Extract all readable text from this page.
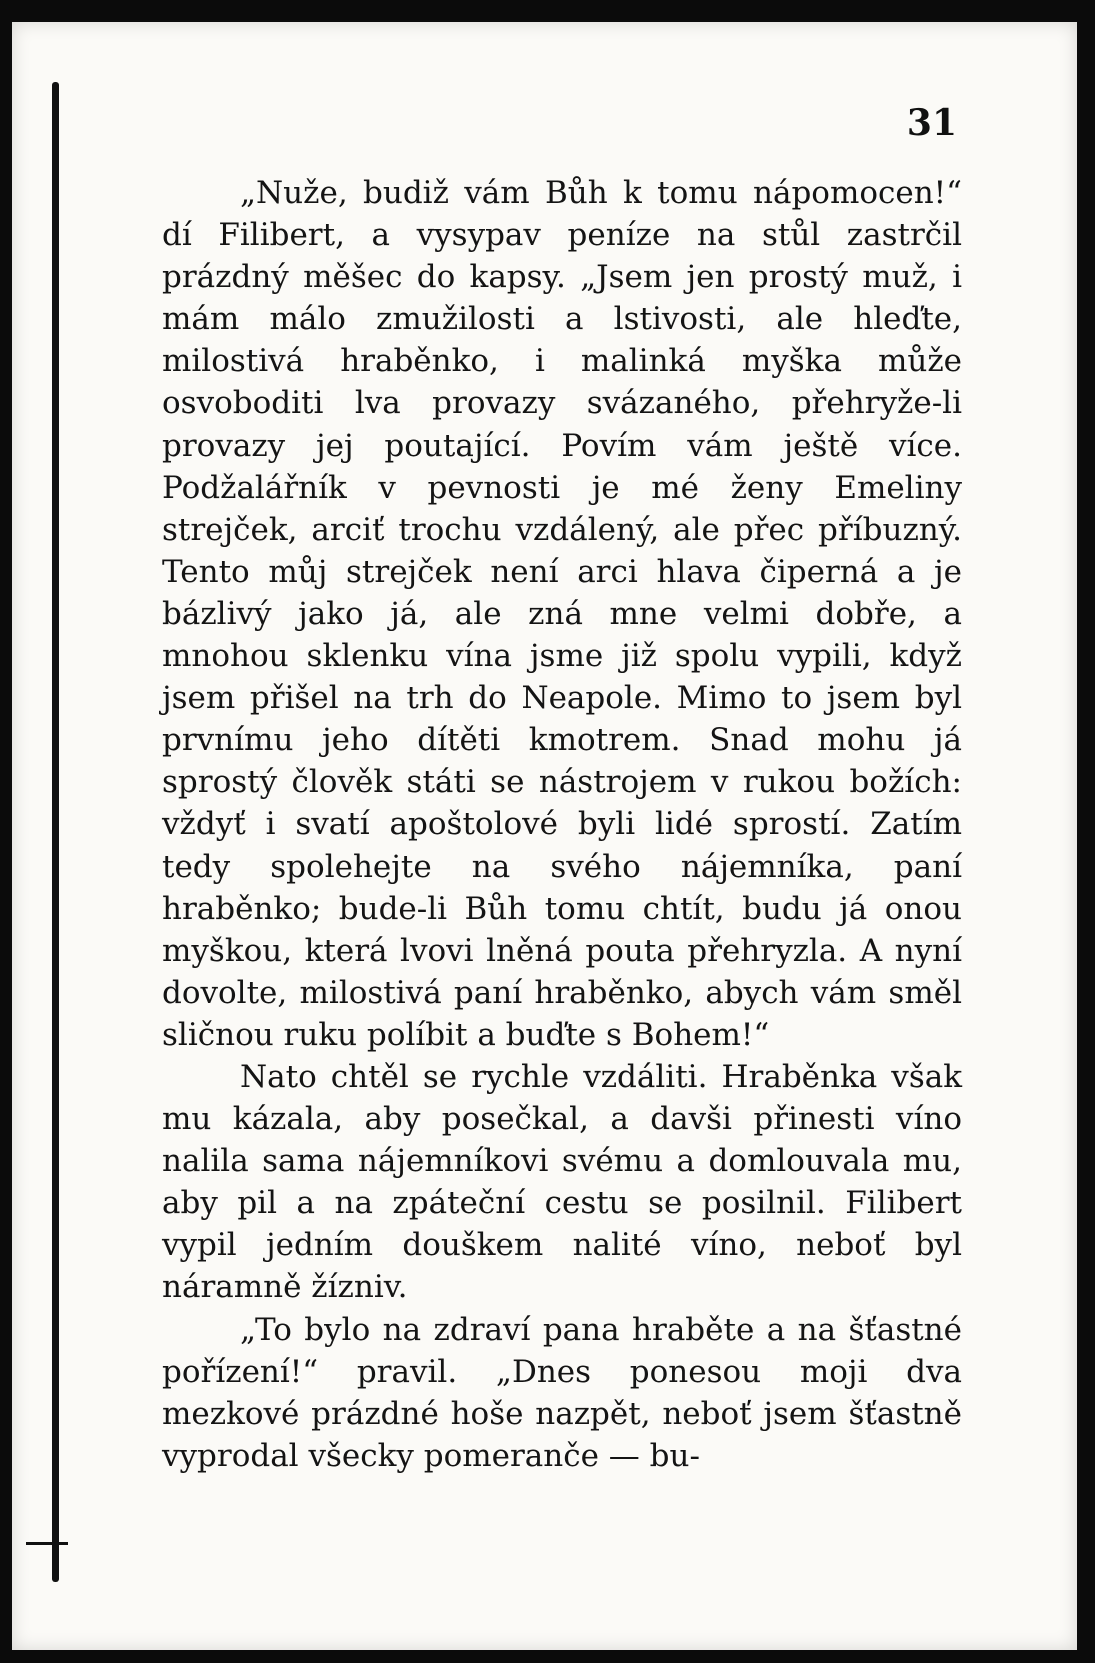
31

„Nuže, budiž vám Bůh k tomu nápomocen!“ dí Filibert, a vysypav peníze na stůl zastrčil prázdný měšec do kapsy. „Jsem jen prostý muž, i mám málo zmužilosti a lstivosti, ale hleďte, milostivá hraběnko, i malinká myška může osvoboditi lva provazy svázaného, přehryže-li provazy jej poutající. Povím vám ještě více. Podžalářník v pevnosti je mé ženy Emeliny strejček, arciť trochu vzdálený, ale přec příbuzný. Tento můj strejček není arci hlava čiperná a je bázlivý jako já, ale zná mne velmi dobře, a mnohou sklenku vína jsme již spolu vypili, když jsem přišel na trh do Neapole. Mimo to jsem byl prvnímu jeho dítěti kmotrem. Snad mohu já sprostý člověk státi se nástrojem v rukou božích: vždyť i svatí apoštolové byli lidé sprostí. Zatím tedy spolehejte na svého nájemníka, paní hraběnko; bude-li Bůh tomu chtít, budu já onou myškou, která lvovi lněná pouta přehryzla. A nyní dovolte, milostivá paní hraběnko, abych vám směl sličnou ruku políbit a buďte s Bohem!“

Nato chtěl se rychle vzdáliti. Hraběnka však mu kázala, aby posečkal, a davši přinesti víno nalila sama nájemníkovi svému a domlouvala mu, aby pil a na zpáteční cestu se posilnil. Filibert vypil jedním douškem nalité víno, neboť byl náramně žízniv.

„To bylo na zdraví pana hraběte a na šťastné pořízení!“ pravil. „Dnes ponesou moji dva mezkové prázdné hoše nazpět, neboť jsem šťastně vyprodal všecky pomeranče — bu-
